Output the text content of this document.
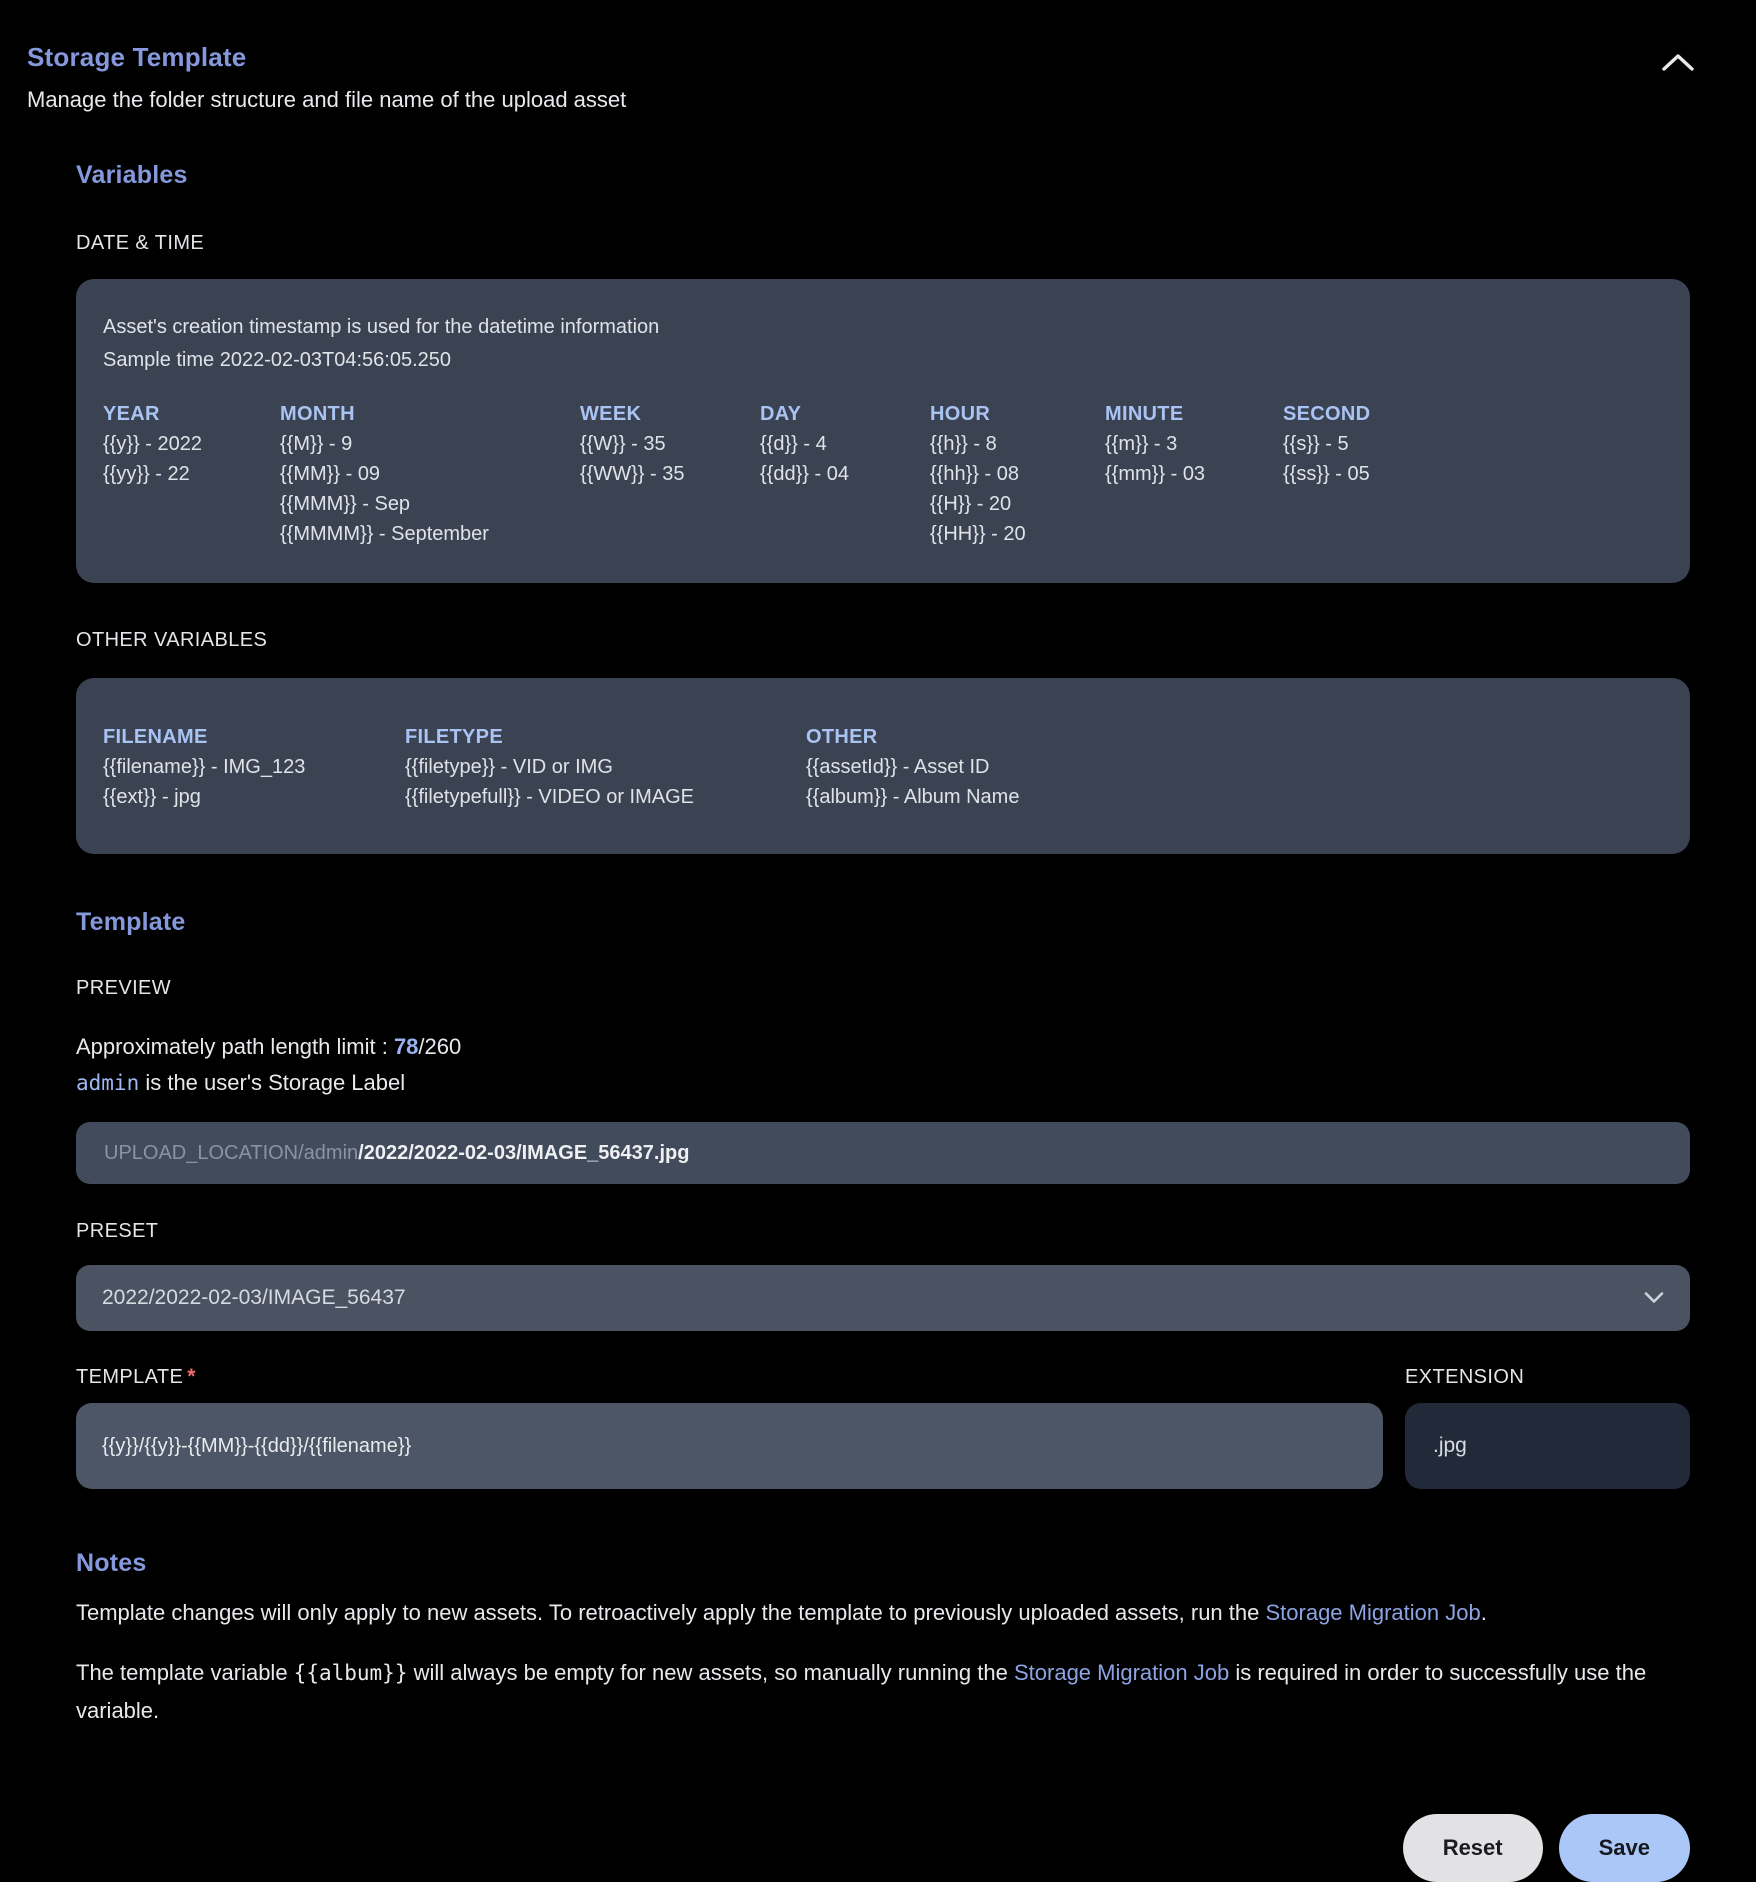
Storage Template

Manage the folder structure and file name of the upload asset

Variables
DATE & TIME

Asset's creation timestamp is used for the datetime information

Sample time 2022-02-03T04:56:05.250

YEAR
{{y}} - 2022
{{yy}} - 22
MONTH
{{M}} - 9
{{MM}} - 09
{{MMM}} - Sep
{{MMMM}} - September
WEEK
{{W}} - 35
{{WW}} - 35
DAY
{{d}} - 4
{{dd}} - 04
HOUR
{{h}} - 8
{{hh}} - 08
{{H}} - 20
{{HH}} - 20
MINUTE
{{m}} - 3
{{mm}} - 03
SECOND
{{s}} - 5
{{ss}} - 05
OTHER VARIABLES
FILENAME
{{filename}} - IMG_123
{{ext}} - jpg
FILETYPE
{{filetype}} - VID or IMG
{{filetypefull}} - VIDEO or IMAGE
OTHER
{{assetId}} - Asset ID
{{album}} - Album Name
Template
PREVIEW

Approximately path length limit : 78/260

admin is the user's Storage Label

UPLOAD_LOCATION/admin /2022/2022-02-03/IMAGE_56437.jpg
PRESET
2022/2022-02-03/IMAGE_56437
TEMPLATE *
{{y}}/{{y}}-{{MM}}-{{dd}}/{{filename}}	EXTENSION
.jpg
Notes

Template changes will only apply to new assets. To retroactively apply the template to previously uploaded assets, run the Storage Migration Job.

The template variable {{album}} will always be empty for new assets, so manually running the Storage Migration Job is required in order to successfully use the variable.

Reset	Save
